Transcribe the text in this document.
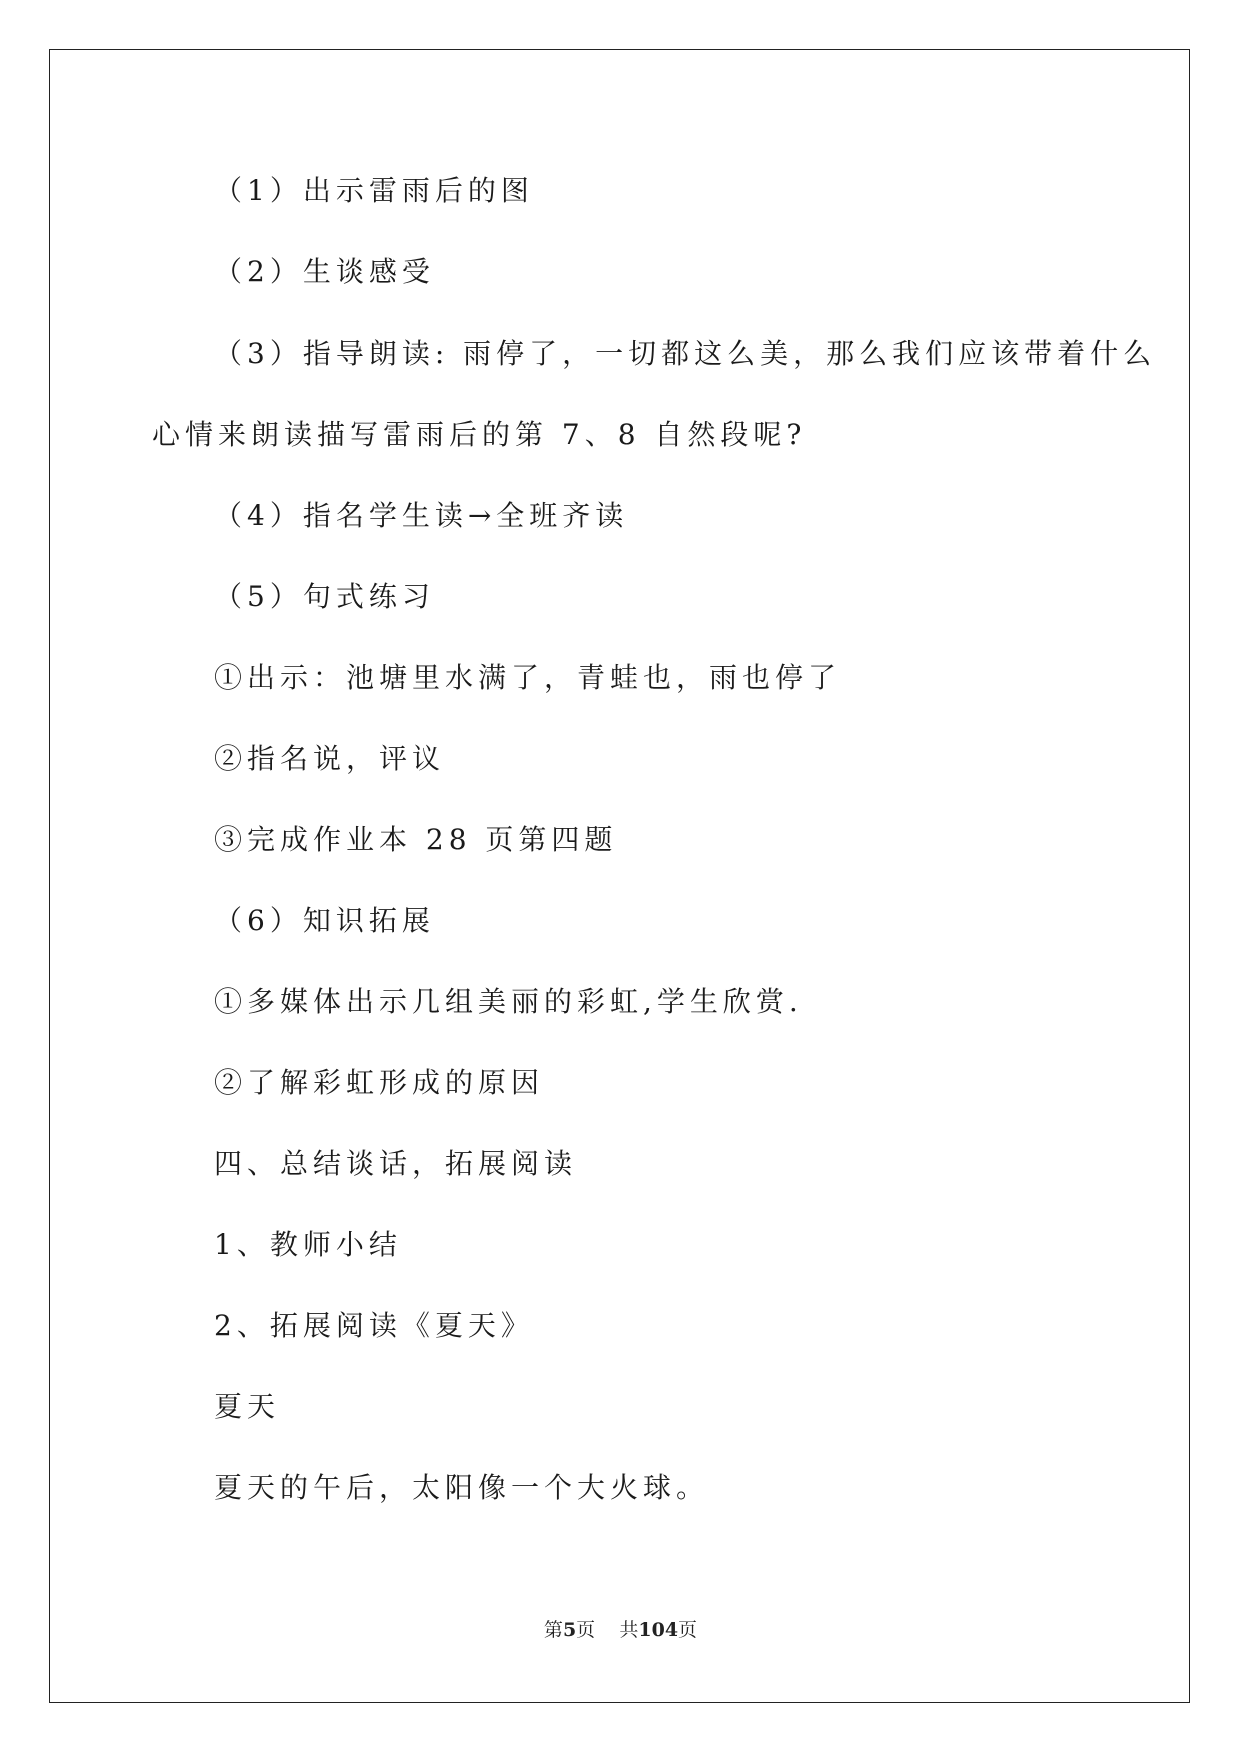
（1）出示雷雨后的图
（2）生谈感受
（3）指导朗读: 雨停了，一切都这么美，那么我们应该带着什么
心情来朗读描写雷雨后的第 7、8 自然段呢?
（4）指名学生读→全班齐读
（5）句式练习
①出示：池塘里水满了，青蛙也，雨也停了
②指名说，评议
③完成作业本 28 页第四题
（6）知识拓展
①多媒体出示几组美丽的彩虹,学生欣赏.
②了解彩虹形成的原因
四、总结谈话，拓展阅读
1、教师小结
2、拓展阅读《夏天》
夏天
夏天的午后，太阳像一个大火球。
第5页 共104页
